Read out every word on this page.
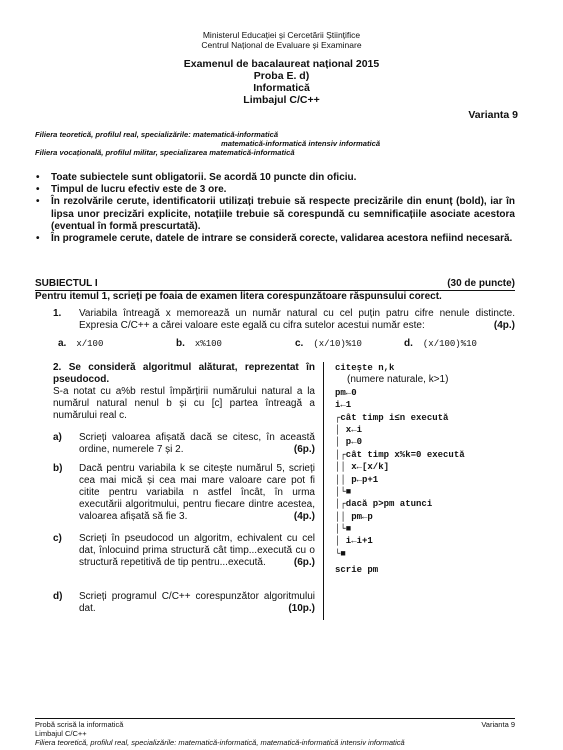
Ministerul Educației și Cercetării Științifice
Centrul Național de Evaluare și Examinare
Examenul de bacalaureat național 2015
Proba E. d)
Informatică
Limbajul C/C++
Varianta 9
Filiera teoretică, profilul real, specializările: matematică-informatică
matematică-informatică intensiv informatică
Filiera vocațională, profilul militar, specializarea matematică-informatică
• Toate subiectele sunt obligatorii. Se acordă 10 puncte din oficiu.
• Timpul de lucru efectiv este de 3 ore.
• În rezolvările cerute, identificatorii utilizați trebuie să respecte precizările din enunț (bold), iar în lipsa unor precizări explicite, notațiile trebuie să corespundă cu semnificațiile asociate acestora (eventual în formă prescurtată).
• În programele cerute, datele de intrare se consideră corecte, validarea acestora nefiind necesară.
SUBIECTUL I	(30 de puncte)
Pentru itemul 1, scrieți pe foaia de examen litera corespunzătoare răspunsului corect.
1. Variabila întreagă x memorează un număr natural cu cel puțin patru cifre nenule distincte. Expresia C/C++ a cărei valoare este egală cu cifra sutelor acestui număr este:	(4p.)
a. x/100	b. x%100	c. (x/10)%10	d. (x/100)%10

2. Se consideră algoritmul alăturat, reprezentat în pseudocod.

S-a notat cu a%b restul împărțirii numărului natural a la numărul natural nenul b și cu [c] partea întreagă a numărului real c.

a) Scrieți valoarea afișată dacă se citesc, în această ordine, numerele 7 și 2.	(6p.)
b) Dacă pentru variabila k se citește numărul 5, scrieți cea mai mică și cea mai mare valoare care pot fi citite pentru variabila n astfel încât, în urma executării algoritmului, pentru fiecare dintre acestea, valoarea afișată să fie 3.	(4p.)
c) Scrieți în pseudocod un algoritm, echivalent cu cel dat, înlocuind prima structură cât timp...execută cu o structură repetitivă de tip pentru...execută.	(6p.)
d) Scrieți programul C/C++ corespunzător algoritmului dat.	(10p.)
citește n,k
(numere naturale, k>1)
pm←0
i←1
┌cât timp i≤n execută
│ x←i
│ p←0
│┌cât timp x%k=0 execută
││ x←[x/k]
││ p←p+1
│└■
│┌dacă p>pm atunci
││ pm←p
│└■
│ i←i+1
└■
scrie pm
Probă scrisă la informatică
Limbajul C/C++
Filiera teoretică, profilul real, specializările: matematică-informatică, matematică-informatică intensiv informatică
Varianta 9
